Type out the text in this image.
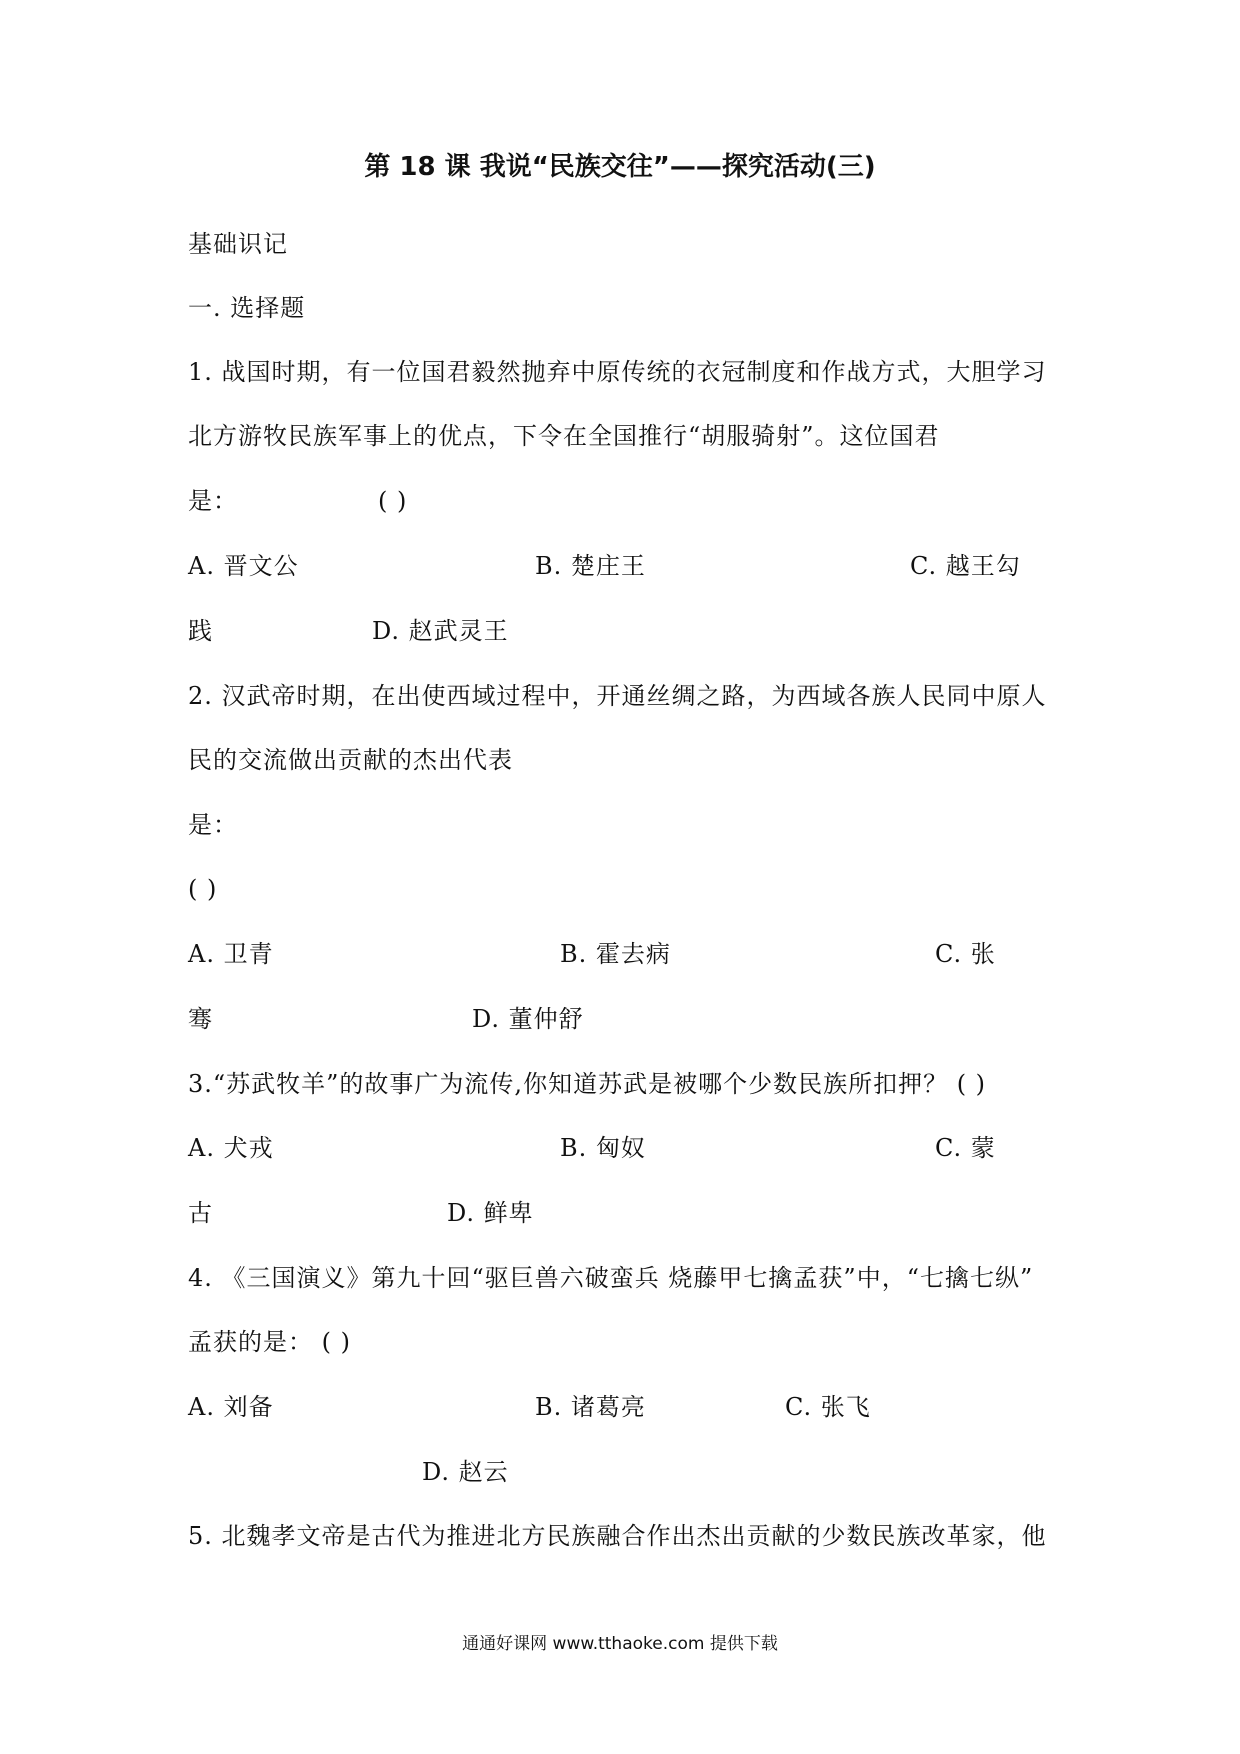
第 18 课 我说“民族交往”——探究活动(三)
基础识记
一. 选择题
1. 战国时期，有一位国君毅然抛弃中原传统的衣冠制度和作战方式，大胆学习
北方游牧民族军事上的优点，下令在全国推行“胡服骑射”。这位国君
是：	( )
A. 晋文公	B. 楚庄王	C. 越王勾
践	D. 赵武灵王
2. 汉武帝时期，在出使西域过程中，开通丝绸之路，为西域各族人民同中原人
民的交流做出贡献的杰出代表
是：
( )
A. 卫青	B. 霍去病	C. 张
骞	D. 董仲舒
3.“苏武牧羊”的故事广为流传,你知道苏武是被哪个少数民族所扣押？ ( )
A. 犬戎	B. 匈奴	C. 蒙
古	D. 鲜卑
4. 《三国演义》第九十回“驱巨兽六破蛮兵 烧藤甲七擒孟获”中，“七擒七纵”
孟获的是： ( )
A. 刘备	B. 诸葛亮	C. 张飞
D. 赵云
5. 北魏孝文帝是古代为推进北方民族融合作出杰出贡献的少数民族改革家，他
通通好课网 www.tthaoke.com 提供下载
